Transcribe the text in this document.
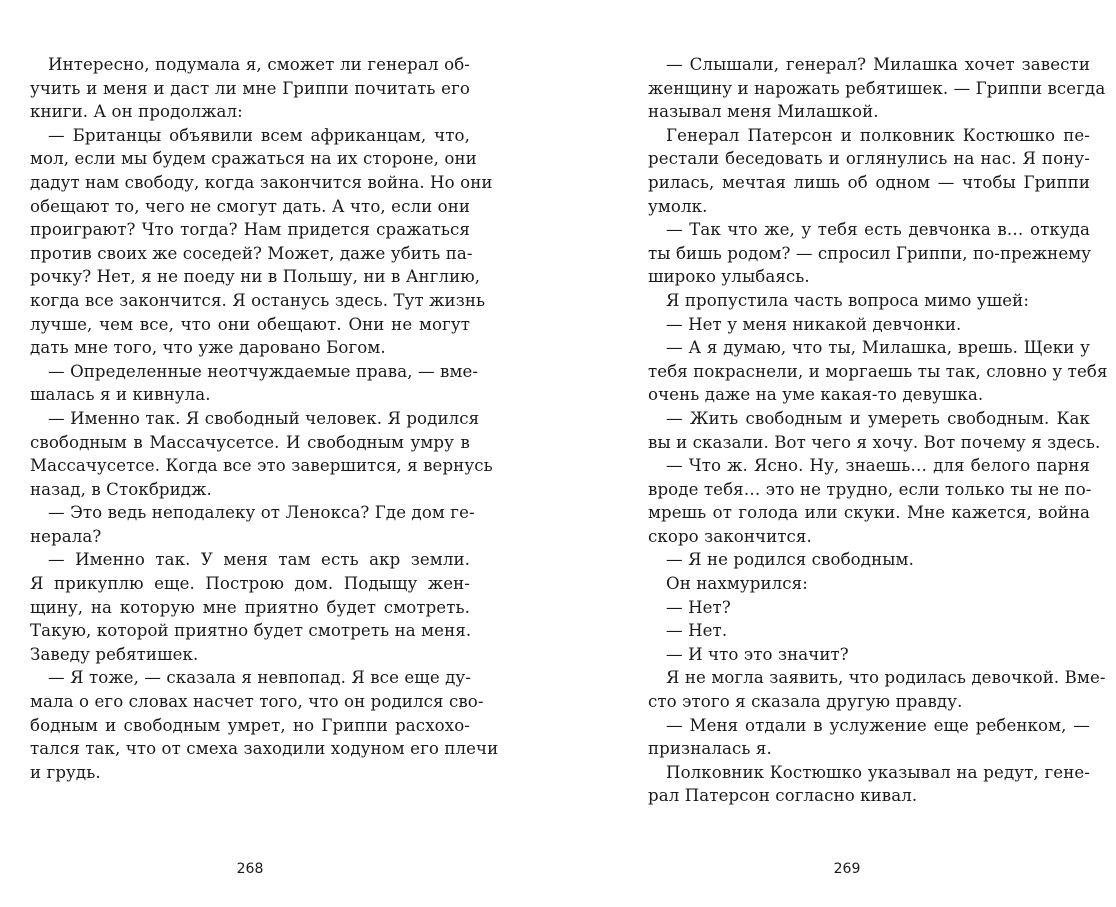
Интересно, подумала я, сможет ли генерал об-
учить и меня и даст ли мне Гриппи почитать его
книги. А он продолжал:
— Британцы объявили всем африканцам, что,
мол, если мы будем сражаться на их стороне, они
дадут нам свободу, когда закончится война. Но они
обещают то, чего не смогут дать. А что, если они
проиграют? Что тогда? Нам придется сражаться
против своих же соседей? Может, даже убить па-
рочку? Нет, я не поеду ни в Польшу, ни в Англию,
когда все закончится. Я останусь здесь. Тут жизнь
лучше, чем все, что они обещают. Они не могут
дать мне того, что уже даровано Богом.
— Определенные неотчуждаемые права, — вме-
шалась я и кивнула.
— Именно так. Я свободный человек. Я родился
свободным в Массачусетсе. И свободным умру в
Массачусетсе. Когда все это завершится, я вернусь
назад, в Стокбридж.
— Это ведь неподалеку от Ленокса? Где дом ге-
нерала?
— Именно так. У меня там есть акр земли.
Я прикуплю еще. Построю дом. Подыщу жен-
щину, на которую мне приятно будет смотреть.
Такую, которой приятно будет смотреть на меня.
Заведу ребятишек.
— Я тоже, — сказала я невпопад. Я все еще ду-
мала о его словах насчет того, что он родился сво-
бодным и свободным умрет, но Гриппи расхохо-
тался так, что от смеха заходили ходуном его плечи
и грудь.
268
— Слышали, генерал? Милашка хочет завести
женщину и нарожать ребятишек. — Гриппи всегда
называл меня Милашкой.
Генерал Патерсон и полковник Костюшко пе-
рестали беседовать и оглянулись на нас. Я пону-
рилась, мечтая лишь об одном — чтобы Гриппи
умолк.
— Так что же, у тебя есть девчонка в… откуда
ты бишь родом? — спросил Гриппи, по-прежнему
широко улыбаясь.
Я пропустила часть вопроса мимо ушей:
— Нет у меня никакой девчонки.
— А я думаю, что ты, Милашка, врешь. Щеки у
тебя покраснели, и моргаешь ты так, словно у тебя
очень даже на уме какая-то девушка.
— Жить свободным и умереть свободным. Как
вы и сказали. Вот чего я хочу. Вот почему я здесь.
— Что ж. Ясно. Ну, знаешь… для белого парня
вроде тебя… это не трудно, если только ты не по-
мрешь от голода или скуки. Мне кажется, война
скоро закончится.
— Я не родился свободным.
Он нахмурился:
— Нет?
— Нет.
— И что это значит?
Я не могла заявить, что родилась девочкой. Вме-
сто этого я сказала другую правду.
— Меня отдали в услужение еще ребенком, —
призналась я.
Полковник Костюшко указывал на редут, гене-
рал Патерсон согласно кивал.
269
